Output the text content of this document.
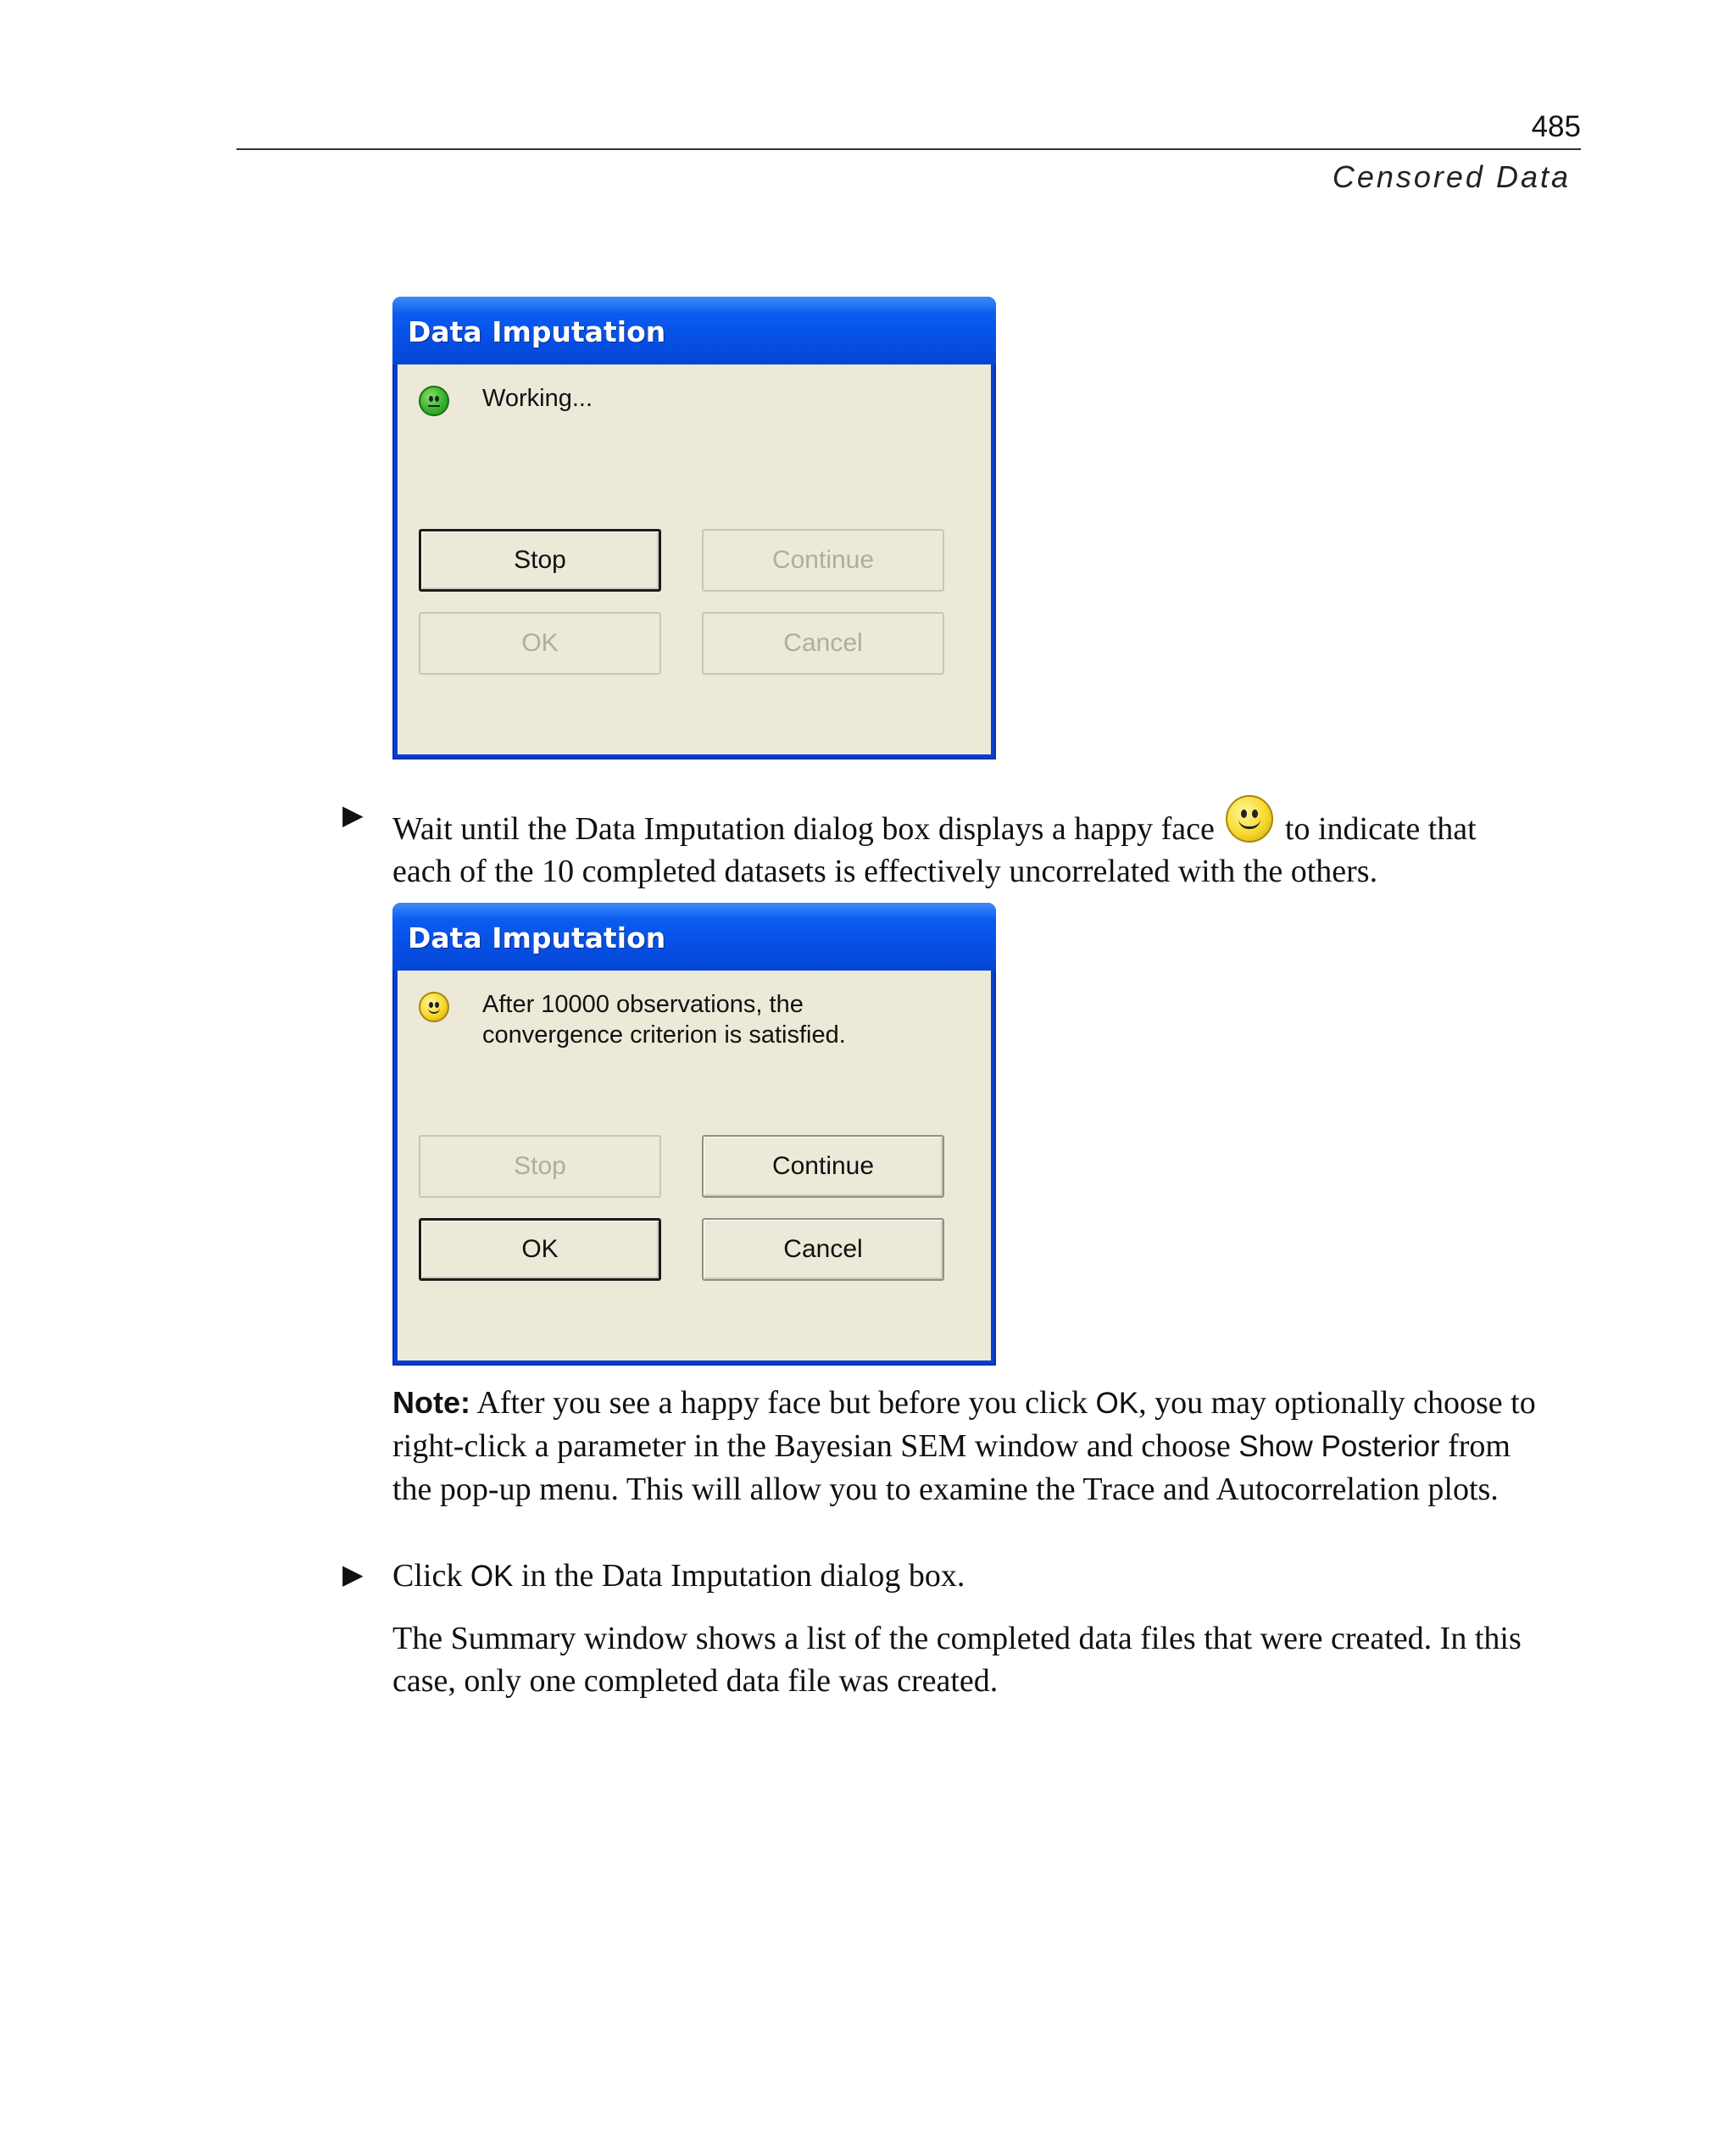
485
Censored Data
Data Imputation
Working...
Stop	Continue
OK	Cancel
▶ Wait until the Data Imputation dialog box displays a happy face to indicate that
each of the 10 completed datasets is effectively uncorrelated with the others.
Data Imputation
After 10000 observations, the
convergence criterion is satisfied.
Stop	Continue
OK	Cancel
Note: After you see a happy face but before you click OK, you may optionally choose to
right-click a parameter in the Bayesian SEM window and choose Show Posterior from
the pop-up menu. This will allow you to examine the Trace and Autocorrelation plots.
▶ Click OK in the Data Imputation dialog box.
The Summary window shows a list of the completed data files that were created. In this
case, only one completed data file was created.
